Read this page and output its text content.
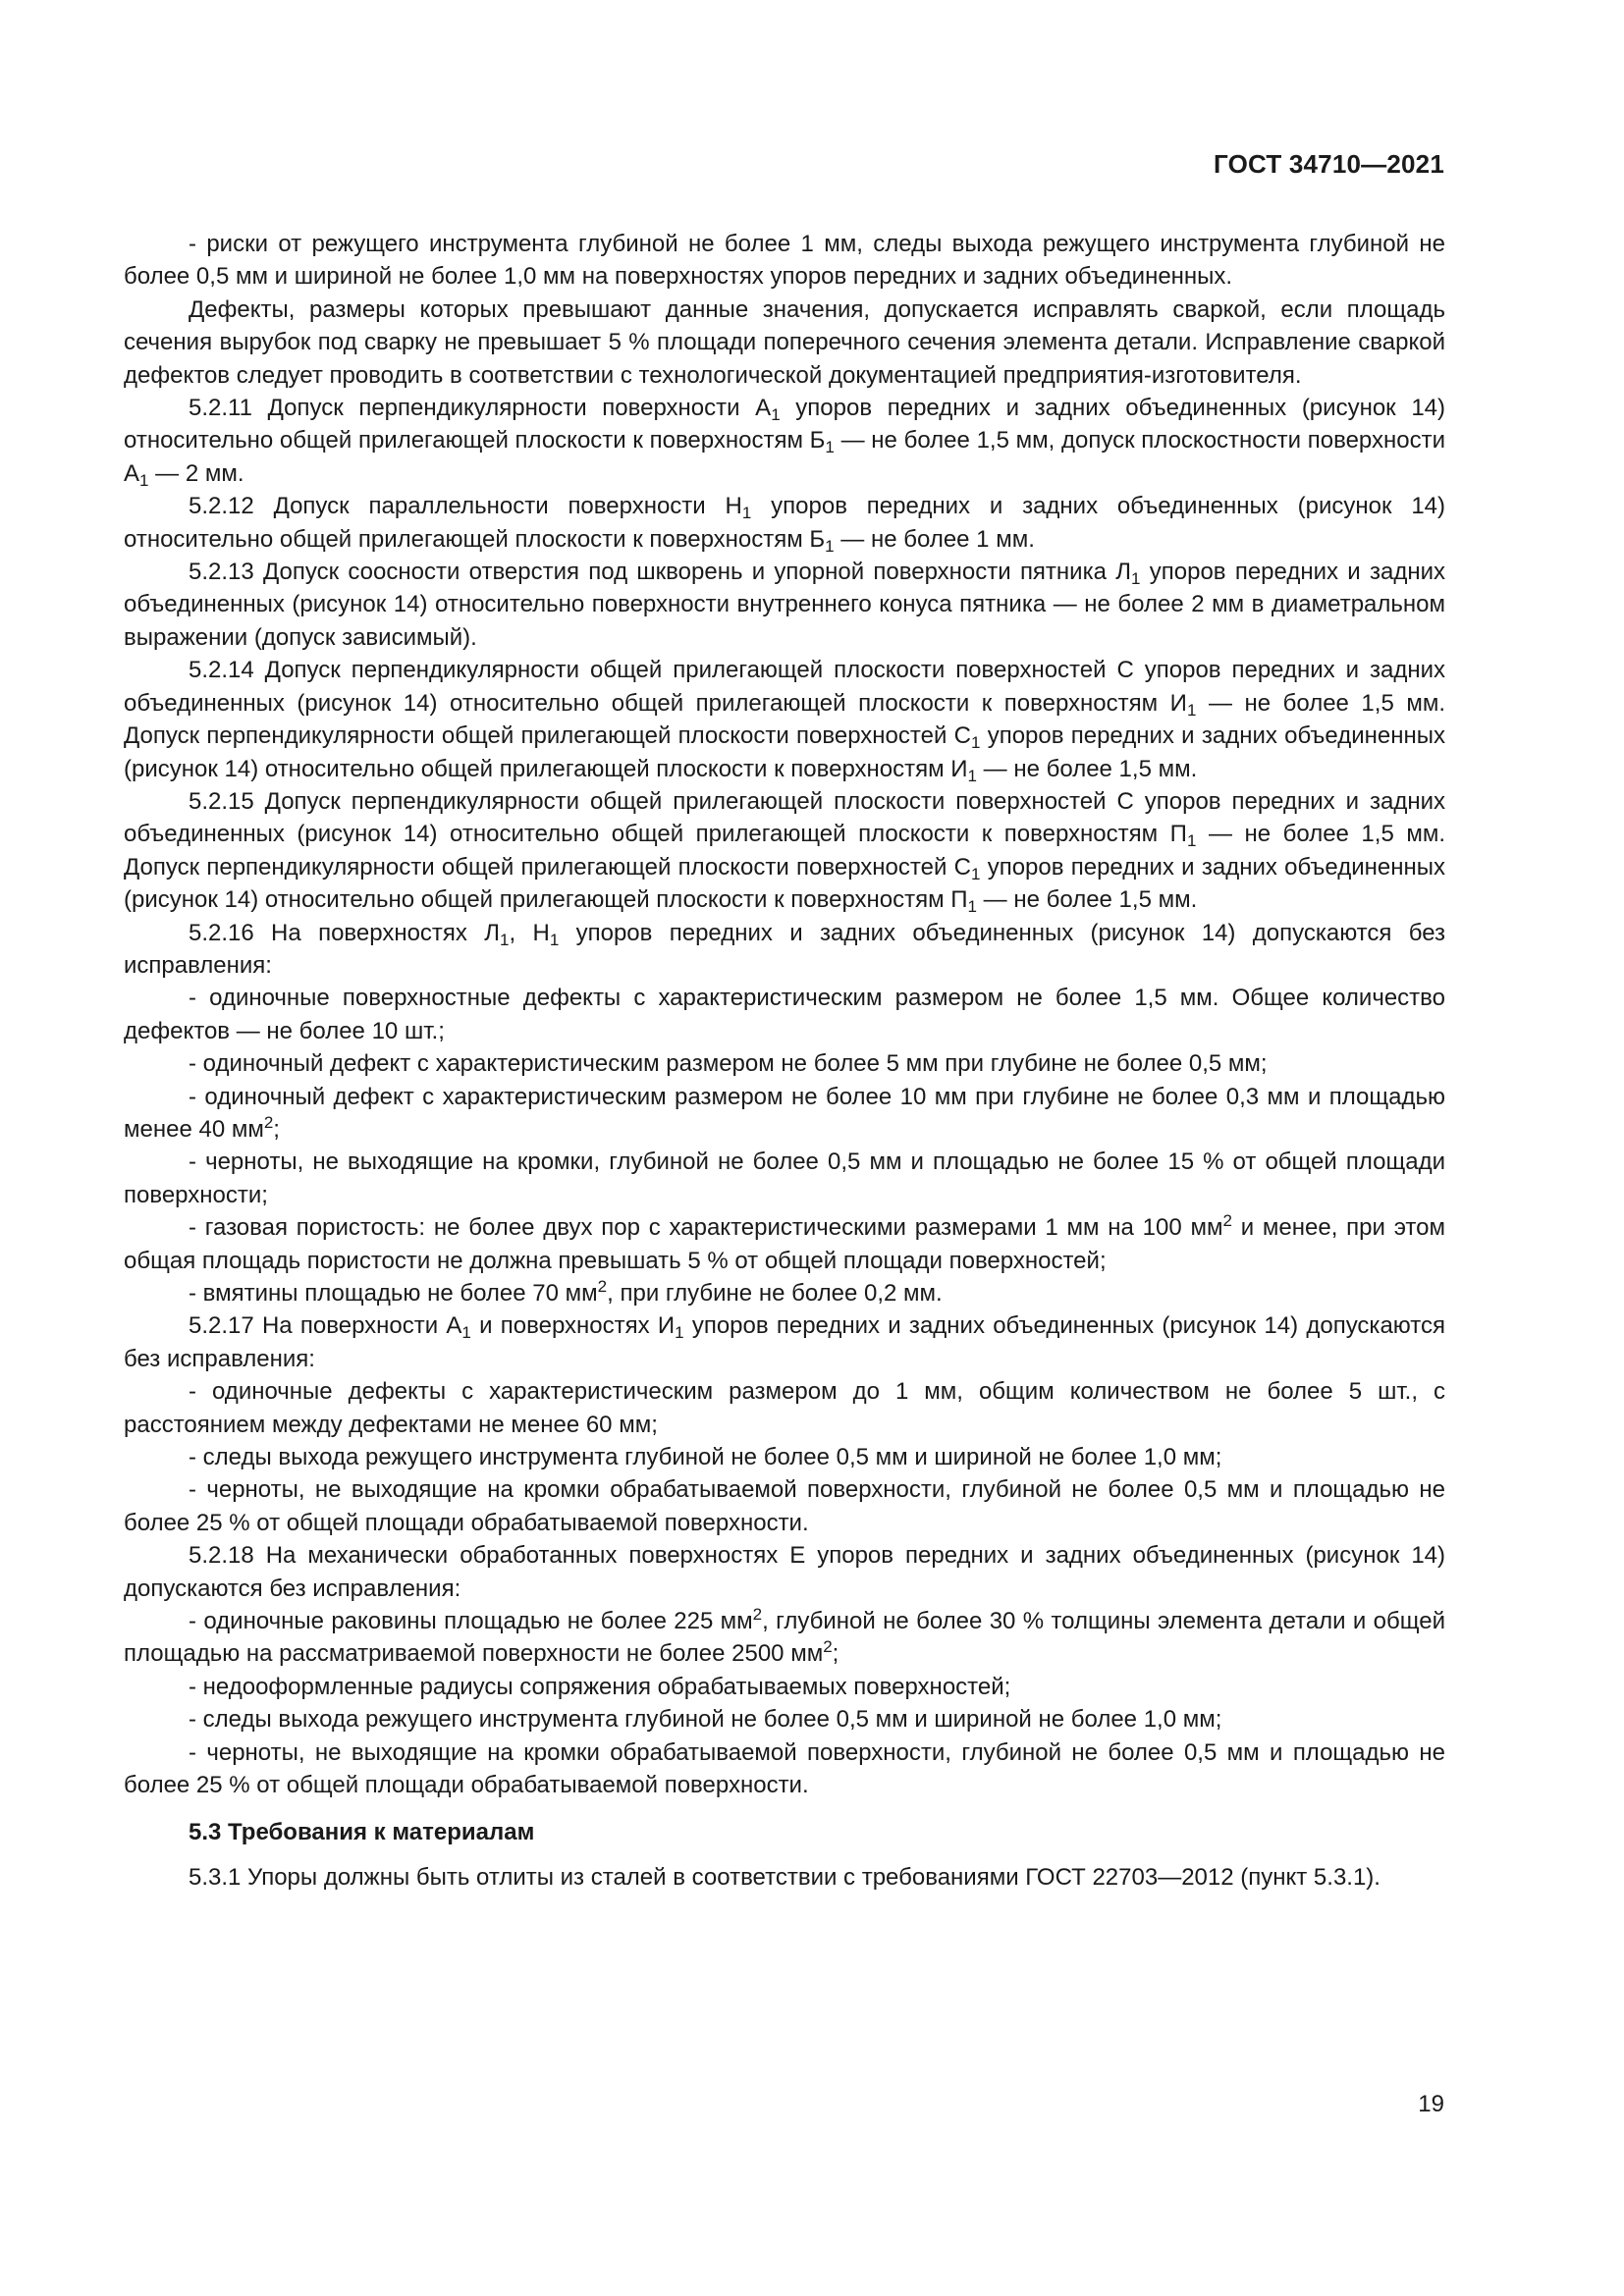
ГОСТ 34710—2021

- риски от режущего инструмента глубиной не более 1 мм, следы выхода режущего инструмента глубиной не более 0,5 мм и шириной не более 1,0 мм на поверхностях упоров передних и задних объединенных.

Дефекты, размеры которых превышают данные значения, допускается исправлять сваркой, если площадь сечения вырубок под сварку не превышает 5 % площади поперечного сечения элемента детали. Исправление сваркой дефектов следует проводить в соответствии с технологической документацией предприятия-изготовителя.

5.2.11 Допуск перпендикулярности поверхности $А_1$ упоров передних и задних объединенных (рисунок 14) относительно общей прилегающей плоскости к поверхностям $Б_1$ — не более 1,5 мм, допуск плоскостности поверхности $А_1$ — 2 мм.

5.2.12 Допуск параллельности поверхности $Н_1$ упоров передних и задних объединенных (рисунок 14) относительно общей прилегающей плоскости к поверхностям $Б_1$ — не более 1 мм.

5.2.13 Допуск соосности отверстия под шкворень и упорной поверхности пятника $Л_1$ упоров передних и задних объединенных (рисунок 14) относительно поверхности внутреннего конуса пятника — не более 2 мм в диаметральном выражении (допуск зависимый).

5.2.14 Допуск перпендикулярности общей прилегающей плоскости поверхностей С упоров передних и задних объединенных (рисунок 14) относительно общей прилегающей плоскости к поверхностям $И_1$ — не более 1,5 мм. Допуск перпендикулярности общей прилегающей плоскости поверхностей $С_1$ упоров передних и задних объединенных (рисунок 14) относительно общей прилегающей плоскости к поверхностям $И_1$ — не более 1,5 мм.

5.2.15 Допуск перпендикулярности общей прилегающей плоскости поверхностей С упоров передних и задних объединенных (рисунок 14) относительно общей прилегающей плоскости к поверхностям $П_1$ — не более 1,5 мм. Допуск перпендикулярности общей прилегающей плоскости поверхностей $С_1$ упоров передних и задних объединенных (рисунок 14) относительно общей прилегающей плоскости к поверхностям $П_1$ — не более 1,5 мм.

5.2.16 На поверхностях $Л_1$, $Н_1$ упоров передних и задних объединенных (рисунок 14) допускаются без исправления:

- одиночные поверхностные дефекты с характеристическим размером не более 1,5 мм. Общее количество дефектов — не более 10 шт.;

- одиночный дефект с характеристическим размером не более 5 мм при глубине не более 0,5 мм;

- одиночный дефект с характеристическим размером не более 10 мм при глубине не более 0,3 мм и площадью менее 40 $мм^2$;

- черноты, не выходящие на кромки, глубиной не более 0,5 мм и площадью не более 15 % от общей площади поверхности;

- газовая пористость: не более двух пор с характеристическими размерами 1 мм на 100 $мм^2$ и менее, при этом общая площадь пористости не должна превышать 5 % от общей площади поверхностей;

- вмятины площадью не более 70 $мм^2$, при глубине не более 0,2 мм.

5.2.17 На поверхности $А_1$ и поверхностях $И_1$ упоров передних и задних объединенных (рисунок 14) допускаются без исправления:

- одиночные дефекты с характеристическим размером до 1 мм, общим количеством не более 5 шт., с расстоянием между дефектами не менее 60 мм;

- следы выхода режущего инструмента глубиной не более 0,5 мм и шириной не более 1,0 мм;

- черноты, не выходящие на кромки обрабатываемой поверхности, глубиной не более 0,5 мм и площадью не более 25 % от общей площади обрабатываемой поверхности.

5.2.18 На механически обработанных поверхностях Е упоров передних и задних объединенных (рисунок 14) допускаются без исправления:

- одиночные раковины площадью не более 225 $мм^2$, глубиной не более 30 % толщины элемента детали и общей площадью на рассматриваемой поверхности не более 2500 $мм^2$;

- недооформленные радиусы сопряжения обрабатываемых поверхностей;

- следы выхода режущего инструмента глубиной не более 0,5 мм и шириной не более 1,0 мм;

- черноты, не выходящие на кромки обрабатываемой поверхности, глубиной не более 0,5 мм и площадью не более 25 % от общей площади обрабатываемой поверхности.

5.3 Требования к материалам

5.3.1 Упоры должны быть отлиты из сталей в соответствии с требованиями ГОСТ 22703—2012 (пункт 5.3.1).

19
